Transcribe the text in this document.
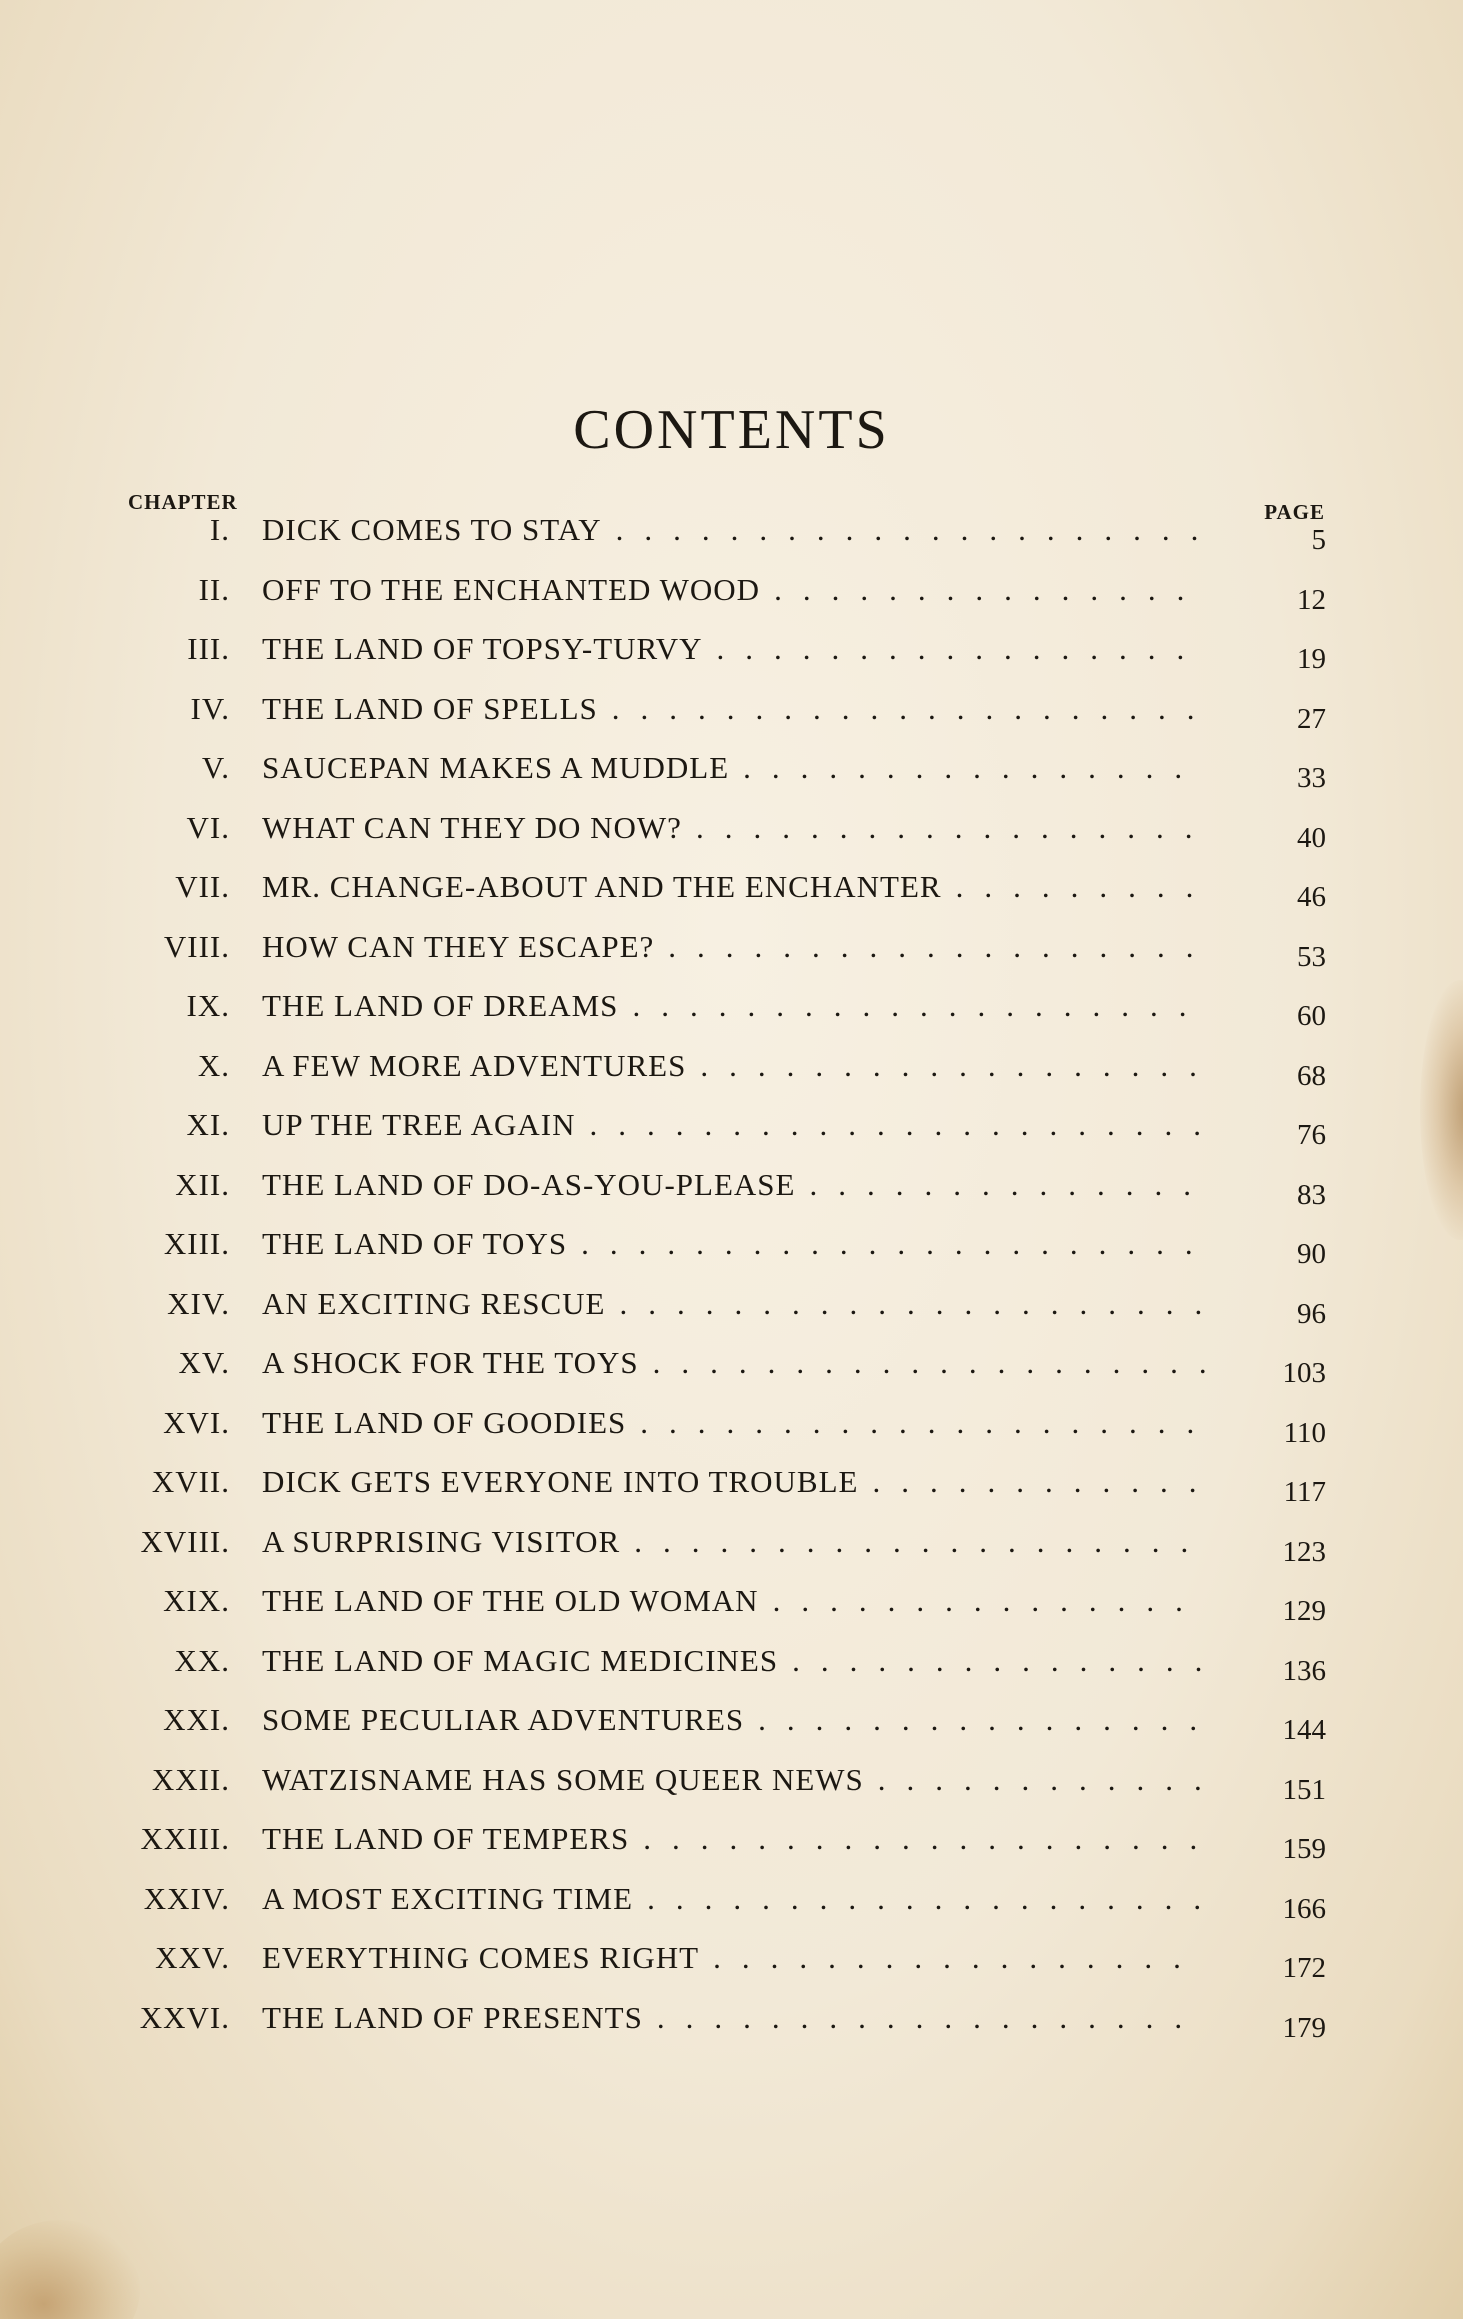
CONTENTS
CHAPTER	PAGE
I. DICK COMES TO STAY .....................	5
II. OFF TO THE ENCHANTED WOOD ...............	12
III. THE LAND OF TOPSY-TURVY .................	19
IV. THE LAND OF SPELLS .....................	27
V. SAUCEPAN MAKES A MUDDLE ................	33
VI. WHAT CAN THEY DO NOW? ..................	40
VII. MR. CHANGE-ABOUT AND THE ENCHANTER .........	46
VIII. HOW CAN THEY ESCAPE? ...................	53
IX. THE LAND OF DREAMS ....................	60
X. A FEW MORE ADVENTURES ..................	68
XI. UP THE TREE AGAIN ......................	76
XII. THE LAND OF DO-AS-YOU-PLEASE ..............	83
XIII. THE LAND OF TOYS ......................	90
XIV. AN EXCITING RESCUE .....................	96
XV. A SHOCK FOR THE TOYS ....................	103
XVI. THE LAND OF GOODIES ....................	110
XVII. DICK GETS EVERYONE INTO TROUBLE ............	117
XVIII. A SURPRISING VISITOR ....................	123
XIX. THE LAND OF THE OLD WOMAN ...............	129
XX. THE LAND OF MAGIC MEDICINES ...............	136
XXI. SOME PECULIAR ADVENTURES ................	144
XXII. WATZISNAME HAS SOME QUEER NEWS ............	151
XXIII. THE LAND OF TEMPERS ....................	159
XXIV. A MOST EXCITING TIME ....................	166
XXV. EVERYTHING COMES RIGHT .................	172
XXVI. THE LAND OF PRESENTS ...................	179
